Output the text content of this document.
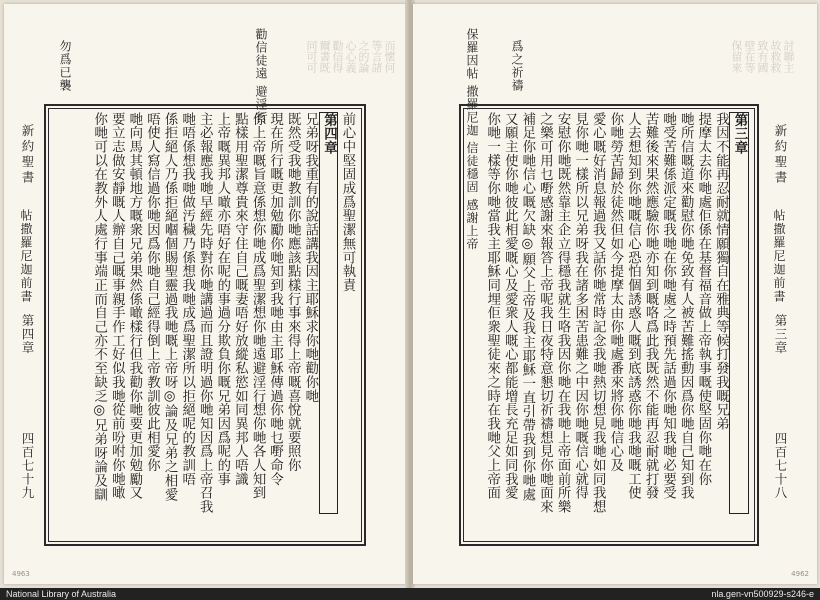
而懷何
等言諸
之的論
心心義
勸信得
爾書既
同可可
勸信徒遠 避淫行
勿爲已襲
前心中堅固成爲聖潔無可執責
第四章
兄弟呀我重有的說話講我因主耶穌求你哋勸你哋
既然受我哋教訓你哋應該點樣行事來得上帝嘅喜悅就要照你
現在所行嘅更加勉勵你哋知到我哋由主耶穌傳過你哋乜嘢命令
係上帝嘅旨意係想你哋成爲聖潔想你哋遠避淫行想你哋各人知到
點樣用聖潔尊貴來守住自己嘅妻唔好放縱私慾如同異邦人唔識
上帝嘅異邦人噉亦唔好在呢的事過分欺負你嘅兄弟因爲呢的事
主必報應我哋早經先時對你哋講過而且證明過你哋知因爲上帝召我
哋唔係想我哋做汚穢乃係想我哋成爲聖潔所以拒絕呢的教訓唔
係拒絕人乃係拒絕嗰個賜聖靈過我哋嘅上帝呀◎論及兄弟之相愛
唔使人寫信過你哋因爲你哋自己經得倒上帝教訓彼此相愛你
哋向馬其頓地方嘅衆兄弟果然係噉樣行但我勸你哋要更加勉勵又
要立志做安靜嘅人辦自己嘅事親手作工好似我哋從前吩咐你哋噉
你哋可以在教外人處行事端正而自己亦不至缺乏◎兄弟呀論及瞓
新約聖書
帖撒羅尼迦前書
第四章
四百七十九
4963
討聯主
故救救
致有國
壁在等
保留來
保羅因帖 撒羅尼迦 信徒穩固 感謝上帝	爲之祈禱
第三章
我因不能再忍耐就情願獨自在雅典等候打發我嘅兄弟
提摩太去你哋處佢係在基督福音做上帝執事嘅使堅固你哋在你
哋所信嘅道來勸慰你哋免致有人被苦難搖動因爲你哋自己知到我
哋受苦難係派定嘅我哋在你哋處之時預先話過你哋知我哋必要受
苦難後來果然應驗你哋亦知到嘅咯爲此我既然不能再忍耐就打發
人去想知到你哋嘅信心恐怕個誘惑人嘅到底誘惑你哋我哋嘅工使
你哋勞苦歸於徒然但如今提摩太由你哋處番來將你哋信心及
愛心嘅好消息報過我又話你哋常時記念我哋熱切想見我哋如同我想
見你哋一樣所以兄弟呀我在諸多困苦患難之中因你哋嘅信心就得
安慰你哋既然靠主企立得穩我就生咯我因你哋在我哋上帝面前所樂
之樂可用乜嘢感謝來報答上帝呢我日夜特意懇切祈禱想見你哋面來
補足你哋信心嘅欠缺◎願父上帝及我主耶穌一直引帶我到你哋處
又願主使你哋彼此相愛嘅心及愛衆人嘅心都能增長充足如同我愛
你哋一樣等你哋當我主耶穌同埋佢衆聖徒來之時在我哋父上帝面	新約聖書
帖撒羅尼迦前書
第三章
四百七十八
4962
National Library of Australia	nla.gen-vn500929-s246-e
